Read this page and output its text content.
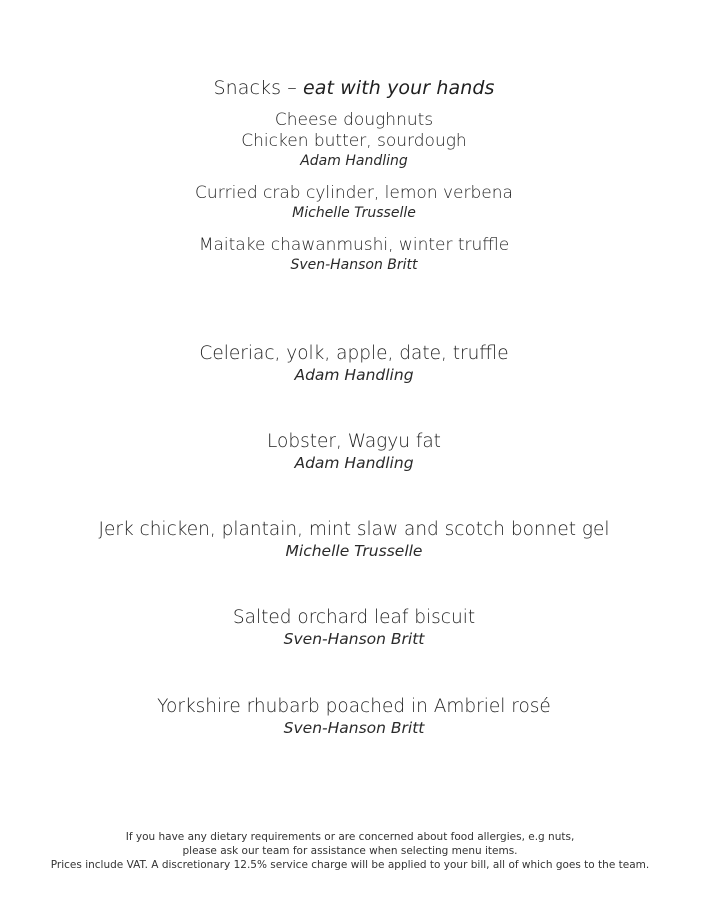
Snacks – eat with your hands
Cheese doughnuts
Chicken butter, sourdough
Adam Handling
Curried crab cylinder, lemon verbena
Michelle Trusselle
Maitake chawanmushi, winter truffle
Sven-Hanson Britt
Celeriac, yolk, apple, date, truffle
Adam Handling
Lobster, Wagyu fat
Adam Handling
Jerk chicken, plantain, mint slaw and scotch bonnet gel
Michelle Trusselle
Salted orchard leaf biscuit
Sven-Hanson Britt
Yorkshire rhubarb poached in Ambriel rosé
Sven-Hanson Britt
If you have any dietary requirements or are concerned about food allergies, e.g nuts,
please ask our team for assistance when selecting menu items.
Prices include VAT. A discretionary 12.5% service charge will be applied to your bill, all of which goes to the team.
